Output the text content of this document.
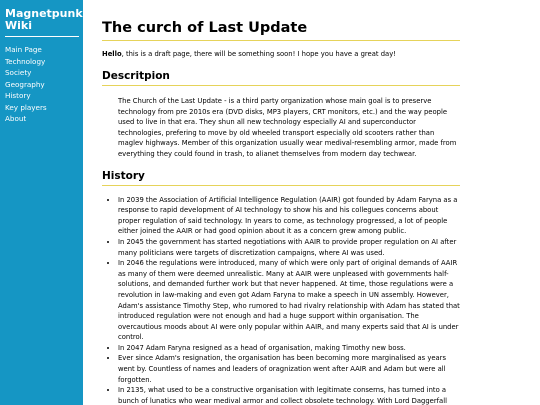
Magnetpunk Wiki
Main Page
Technology
Society
Geography
History
Key players
About
The curch of Last Update

Hello, this is a draft page, there will be something soon! I hope you have a great day!

Descritpion

The Church of the Last Update - is a third party organization whose main goal is to preserve technology from pre 2010s era (DVD disks, MP3 players, CRT monitors, etc.) and the way people used to live in that era. They shun all new technology especially AI and superconductor technologies, prefering to move by old wheeled transport especially old scooters rather than maglev highways. Member of this organization usually wear medival-resembling armor, made from everything they could found in trash, to alianet themselves from modern day techwear.

History
• In 2039 the Association of Artificial Intelligence Regulation (AAIR) got founded by Adam Faryna as a response to rapid development of AI technology to show his and his collegues concerns about proper regulation of said technology. In years to come, as technology progressed, a lot of people either joined the AAIR or had good opinion about it as a concern grew among public.
• In 2045 the government has started negotiations with AAIR to provide proper regulation on AI after many politicians were targets of discretization campaigns, where AI was used.
• In 2046 the regulations were introduced, many of which were only part of original demands of AAIR as many of them were deemed unrealistic. Many at AAIR were unpleased with governments half-solutions, and demanded further work but that never happened. At time, those regulations were a revolution in law-making and even got Adam Faryna to make a speech in UN assembly. However, Adam's assistance Timothy Step, who rumored to had rivalry relationship with Adam has stated that introduced regulation were not enough and had a huge support within organisation. The overcautious moods about AI were only popular within AAIR, and many experts said that AI is under control.
• In 2047 Adam Faryna resigned as a head of organisation, making Timothy new boss.
• Ever since Adam's resignation, the organisation has been becoming more marginalised as years went by. Countless of names and leaders of oragnization went after AAIR and Adam but were all forgotten.
• In 2135, what used to be a constructive organisation with legitimate conserns, has turned into a bunch of lunatics who wear medival armor and collect obsolete technology. With Lord Daggerfall
